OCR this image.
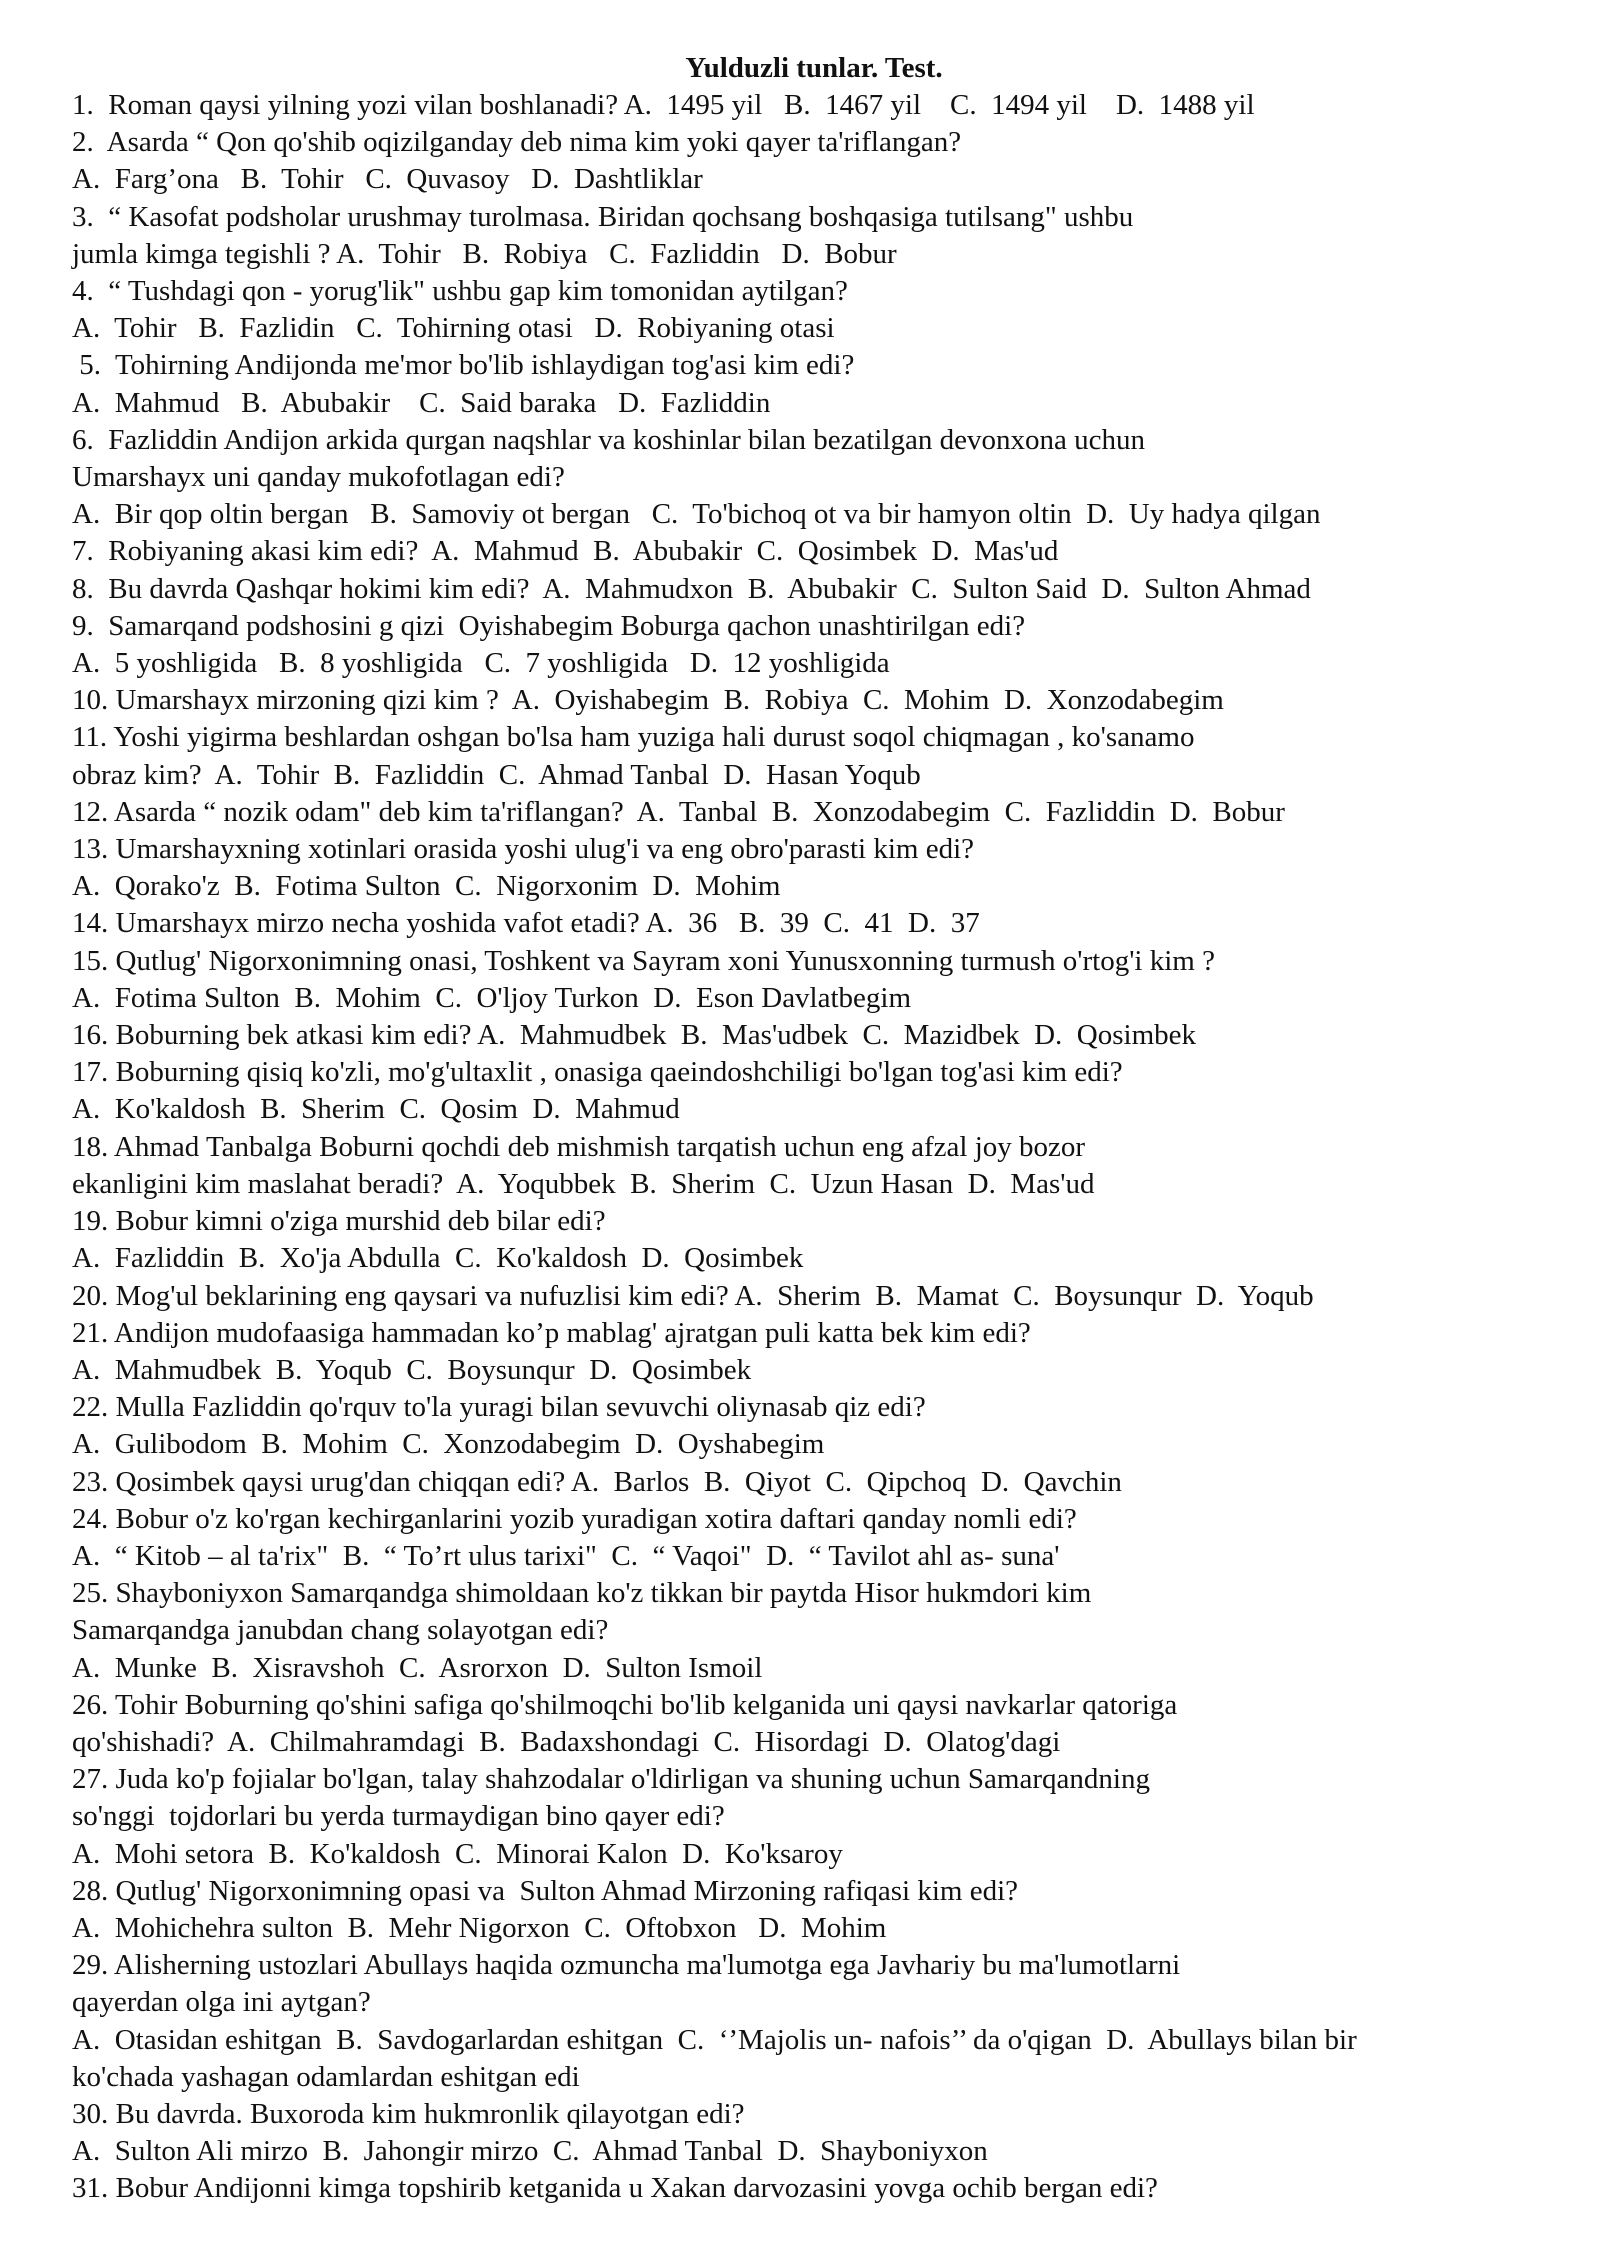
Yulduzli tunlar. Test.

1.  Roman qaysi yilning yozi vilan boshlanadi? A.  1495 yil   B.  1467 yil    C.  1494 yil    D.  1488 yil

2.  Asarda “ Qon qo'shib oqizilganday deb nima kim yoki qayer ta'riflangan?

A.  Farg’ona   B.  Tohir   C.  Quvasoy   D.  Dashtliklar

3.  “ Kasofat podsholar urushmay turolmasa. Biridan qochsang boshqasiga tutilsang" ushbu

jumla kimga tegishli ? A.  Tohir   B.  Robiya   C.  Fazliddin   D.  Bobur

4.  “ Tushdagi qon - yorug'lik" ushbu gap kim tomonidan aytilgan?

A.  Tohir   B.  Fazlidin   C.  Tohirning otasi   D.  Robiyaning otasi

5.  Tohirning Andijonda me'mor bo'lib ishlaydigan tog'asi kim edi?

A.  Mahmud   B.  Abubakir    C.  Said baraka   D.  Fazliddin

6.  Fazliddin Andijon arkida qurgan naqshlar va koshinlar bilan bezatilgan devonxona uchun

Umarshayx uni qanday mukofotlagan edi?

A.  Bir qop oltin bergan   B.  Samoviy ot bergan   C.  To'bichoq ot va bir hamyon oltin  D.  Uy hadya qilgan

7.  Robiyaning akasi kim edi?  A.  Mahmud  B.  Abubakir  C.  Qosimbek  D.  Mas'ud

8.  Bu davrda Qashqar hokimi kim edi?  A.  Mahmudxon  B.  Abubakir  C.  Sulton Said  D.  Sulton Ahmad

9.  Samarqand podshosini g qizi  Oyishabegim Boburga qachon unashtirilgan edi?

A.  5 yoshligida   B.  8 yoshligida   C.  7 yoshligida   D.  12 yoshligida

10. Umarshayx mirzoning qizi kim ?  A.  Oyishabegim  B.  Robiya  C.  Mohim  D.  Xonzodabegim

11. Yoshi yigirma beshlardan oshgan bo'lsa ham yuziga hali durust soqol chiqmagan , ko'sanamo

obraz kim?  A.  Tohir  B.  Fazliddin  C.  Ahmad Tanbal  D.  Hasan Yoqub

12. Asarda “ nozik odam" deb kim ta'riflangan?  A.  Tanbal  B.  Xonzodabegim  C.  Fazliddin  D.  Bobur

13. Umarshayxning xotinlari orasida yoshi ulug'i va eng obro'parasti kim edi?

A.  Qorako'z  B.  Fotima Sulton  C.  Nigorxonim  D.  Mohim

14. Umarshayx mirzo necha yoshida vafot etadi? A.  36   B.  39  C.  41  D.  37

15. Qutlug' Nigorxonimning onasi, Toshkent va Sayram xoni Yunusxonning turmush o'rtog'i kim ?

A.  Fotima Sulton  B.  Mohim  C.  O'ljoy Turkon  D.  Eson Davlatbegim

16. Boburning bek atkasi kim edi? A.  Mahmudbek  B.  Mas'udbek  C.  Mazidbek  D.  Qosimbek

17. Boburning qisiq ko'zli, mo'g'ultaxlit , onasiga qaeindoshchiligi bo'lgan tog'asi kim edi?

A.  Ko'kaldosh  B.  Sherim  C.  Qosim  D.  Mahmud

18. Ahmad Tanbalga Boburni qochdi deb mishmish tarqatish uchun eng afzal joy bozor

ekanligini kim maslahat beradi?  A.  Yoqubbek  B.  Sherim  C.  Uzun Hasan  D.  Mas'ud

19. Bobur kimni o'ziga murshid deb bilar edi?

A.  Fazliddin  B.  Xo'ja Abdulla  C.  Ko'kaldosh  D.  Qosimbek

20. Mog'ul beklarining eng qaysari va nufuzlisi kim edi? A.  Sherim  B.  Mamat  C.  Boysunqur  D.  Yoqub

21. Andijon mudofaasiga hammadan ko’p mablag' ajratgan puli katta bek kim edi?

A.  Mahmudbek  B.  Yoqub  C.  Boysunqur  D.  Qosimbek

22. Mulla Fazliddin qo'rquv to'la yuragi bilan sevuvchi oliynasab qiz edi?

A.  Gulibodom  B.  Mohim  C.  Xonzodabegim  D.  Oyshabegim

23. Qosimbek qaysi urug'dan chiqqan edi? A.  Barlos  B.  Qiyot  C.  Qipchoq  D.  Qavchin

24. Bobur o'z ko'rgan kechirganlarini yozib yuradigan xotira daftari qanday nomli edi?

A.  “ Kitob – al ta'rix"  B.  “ To’rt ulus tarixi"  C.  “ Vaqoi"  D.  “ Tavilot ahl as- suna'

25. Shayboniyxon Samarqandga shimoldaan ko'z tikkan bir paytda Hisor hukmdori kim

Samarqandga janubdan chang solayotgan edi?

A.  Munke  B.  Xisravshoh  C.  Asrorxon  D.  Sulton Ismoil

26. Tohir Boburning qo'shini safiga qo'shilmoqchi bo'lib kelganida uni qaysi navkarlar qatoriga

qo'shishadi?  A.  Chilmahramdagi  B.  Badaxshondagi  C.  Hisordagi  D.  Olatog'dagi

27. Juda ko'p fojialar bo'lgan, talay shahzodalar o'ldirligan va shuning uchun Samarqandning

so'nggi  tojdorlari bu yerda turmaydigan bino qayer edi?

A.  Mohi setora  B.  Ko'kaldosh  C.  Minorai Kalon  D.  Ko'ksaroy

28. Qutlug' Nigorxonimning opasi va  Sulton Ahmad Mirzoning rafiqasi kim edi?

A.  Mohichehra sulton  B.  Mehr Nigorxon  C.  Oftobxon   D.  Mohim

29. Alisherning ustozlari Abullays haqida ozmuncha ma'lumotga ega Javhariy bu ma'lumotlarni

qayerdan olga ini aytgan?

A.  Otasidan eshitgan  B.  Savdogarlardan eshitgan  C.  ‘’Majolis un- nafois’’ da o'qigan  D.  Abullays bilan bir

ko'chada yashagan odamlardan eshitgan edi

30. Bu davrda. Buxoroda kim hukmronlik qilayotgan edi?

A.  Sulton Ali mirzo  B.  Jahongir mirzo  C.  Ahmad Tanbal  D.  Shayboniyxon

31. Bobur Andijonni kimga topshirib ketganida u Xakan darvozasini yovga ochib bergan edi?
